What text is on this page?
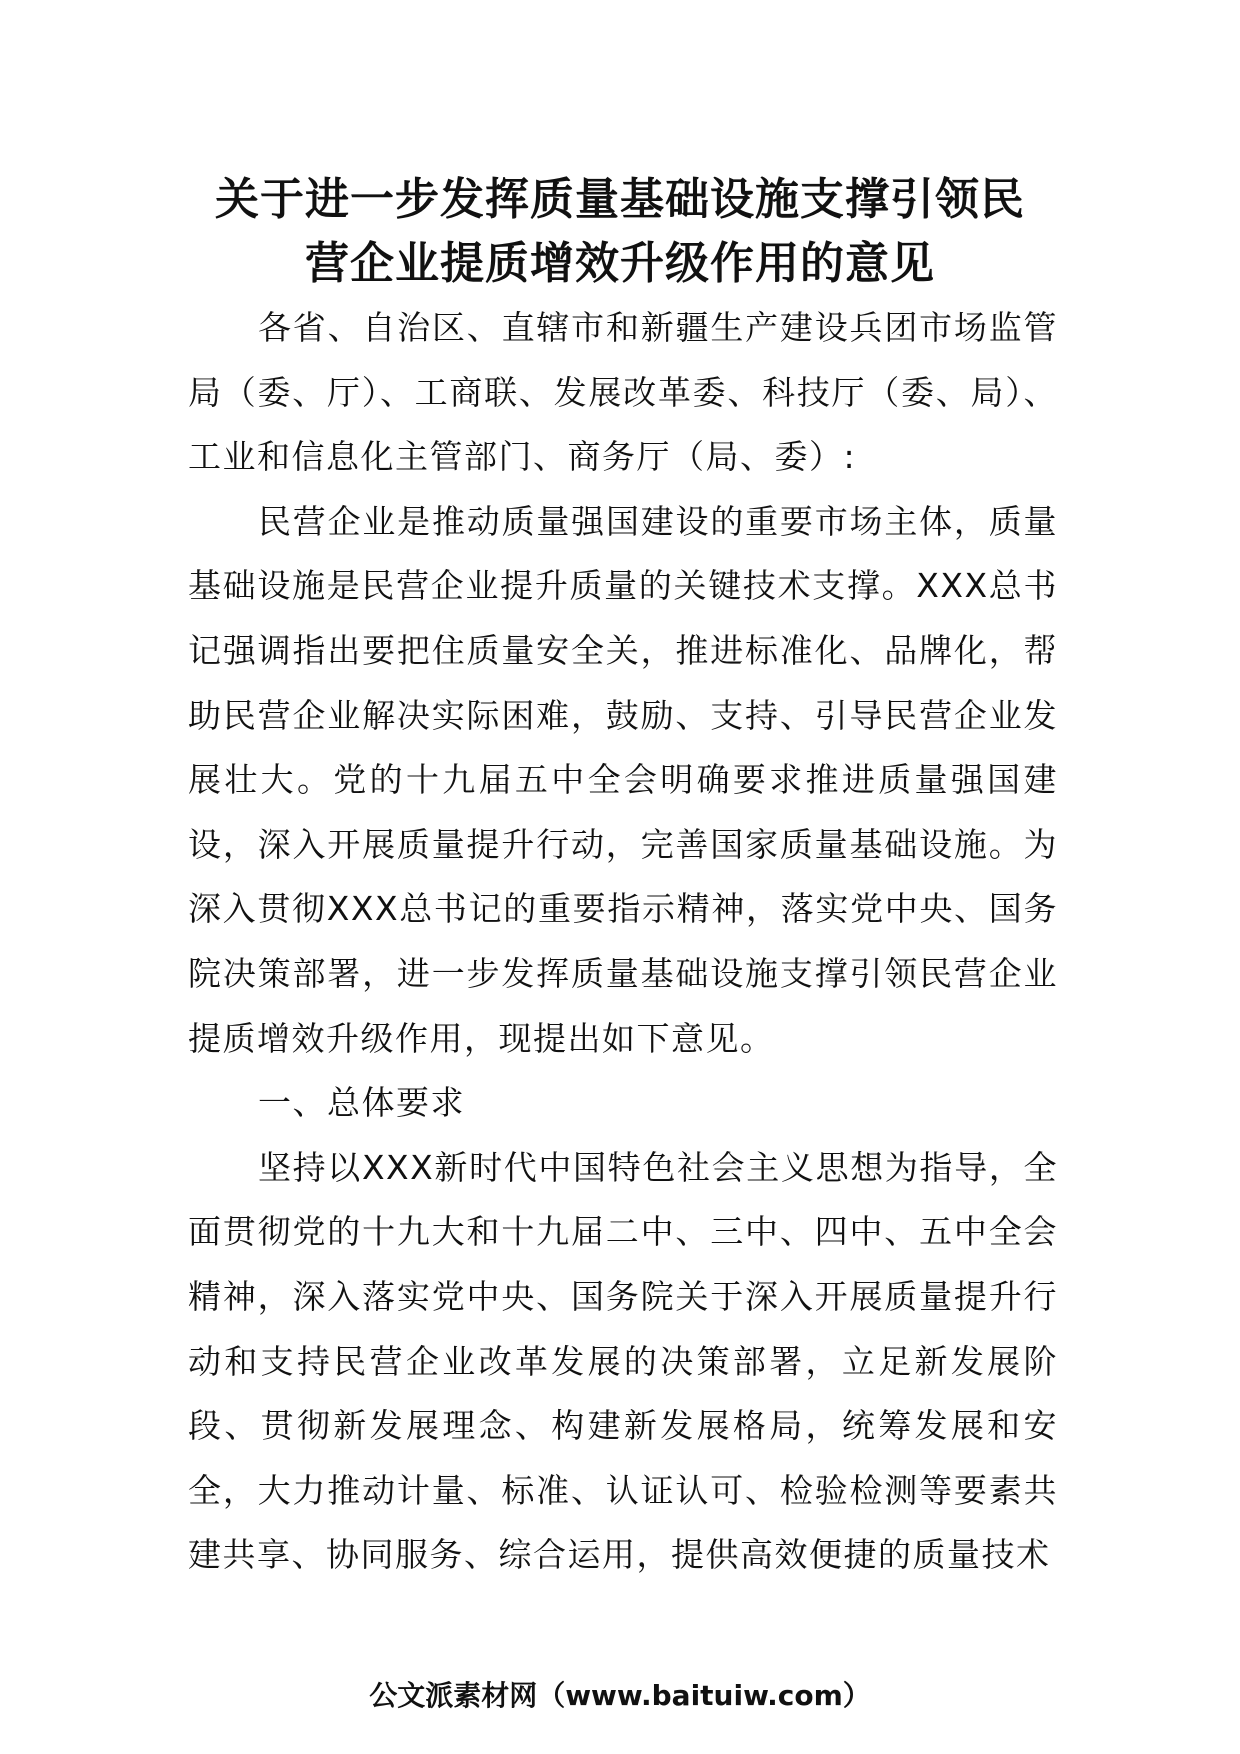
关于进一步发挥质量基础设施支撑引领民
营企业提质增效升级作用的意见

各省、自治区、直辖市和新疆生产建设兵团市场监管局（委、厅）、工商联、发展改革委、科技厅（委、局）、工业和信息化主管部门、商务厅（局、委）:

民营企业是推动质量强国建设的重要市场主体，质量基础设施是民营企业提升质量的关键技术支撑。XXX总书记强调指出要把住质量安全关，推进标准化、品牌化，帮助民营企业解决实际困难，鼓励、支持、引导民营企业发展壮大。党的十九届五中全会明确要求推进质量强国建设，深入开展质量提升行动，完善国家质量基础设施。为深入贯彻XXX总书记的重要指示精神，落实党中央、国务院决策部署，进一步发挥质量基础设施支撑引领民营企业提质增效升级作用，现提出如下意见。

一、总体要求

坚持以XXX新时代中国特色社会主义思想为指导，全面贯彻党的十九大和十九届二中、三中、四中、五中全会精神，深入落实党中央、国务院关于深入开展质量提升行动和支持民营企业改革发展的决策部署，立足新发展阶段、贯彻新发展理念、构建新发展格局，统筹发展和安全，大力推动计量、标准、认证认可、检验检测等要素共建共享、协同服务、综合运用，提供高效便捷的质量技术

公文派素材网（www.baituiw.com）
